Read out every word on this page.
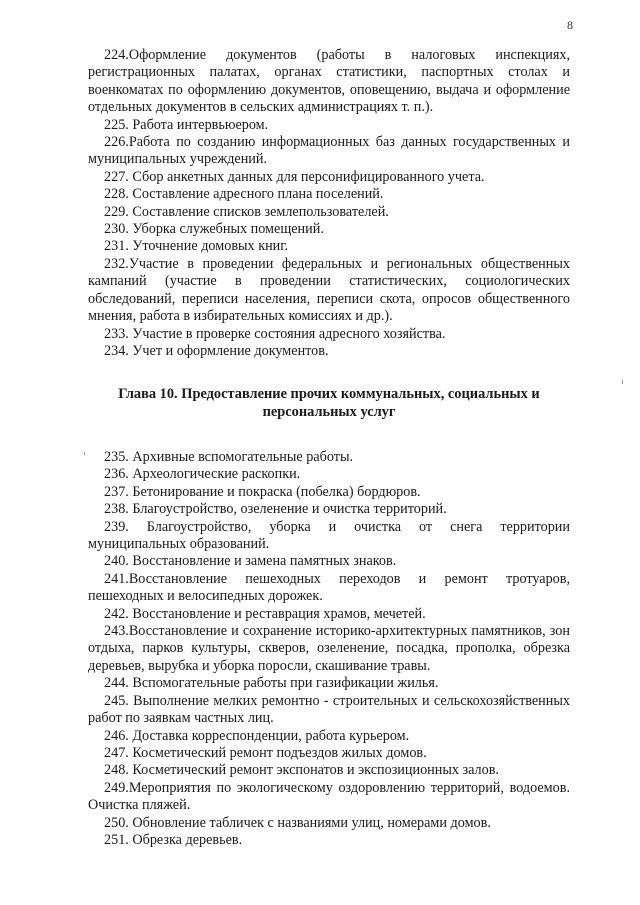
8

224.Оформление документов (работы в налоговых инспекциях, регистрационных палатах, органах статистики, паспортных столах и военкоматах по оформлению документов, оповещению, выдача и оформление отдельных документов в сельских администрациях т. п.).

225. Работа интервьюером.

226.Работа по созданию информационных баз данных государственных и муниципальных учреждений.

227. Сбор анкетных данных для персонифицированного учета.

228. Составление адресного плана поселений.

229. Составление списков землепользователей.

230. Уборка служебных помещений.

231. Уточнение домовых книг.

232.Участие в проведении федеральных и региональных общественных кампаний (участие в проведении статистических, социологических обследований, переписи населения, переписи скота, опросов общественного мнения, работа в избирательных комиссиях и др.).

233. Участие в проверке состояния адресного хозяйства.

234. Учет и оформление документов.

Глава 10. Предоставление прочих коммунальных, социальных и
персональных услуг

235. Архивные вспомогательные работы.

236. Археологические раскопки.

237. Бетонирование и покраска (побелка) бордюров.

238. Благоустройство, озеленение и очистка территорий.

239. Благоустройство, уборка и очистка от снега территории муниципальных образований.

240. Восстановление и замена памятных знаков.

241.Восстановление пешеходных переходов и ремонт тротуаров, пешеходных и велосипедных дорожек.

242. Восстановление и реставрация храмов, мечетей.

243.Восстановление и сохранение историко-архитектурных памятников, зон отдыха, парков культуры, скверов, озеленение, посадка, прополка, обрезка деревьев, вырубка и уборка поросли, скашивание травы.

244. Вспомогательные работы при газификации жилья.

245. Выполнение мелких ремонтно - строительных и сельскохозяйственных работ по заявкам частных лиц.

246. Доставка корреспонденции, работа курьером.

247. Косметический ремонт подъездов жилых домов.

248. Косметический ремонт экспонатов и экспозиционных залов.

249.Мероприятия по экологическому оздоровлению территорий, водоемов. Очистка пляжей.

250. Обновление табличек с названиями улиц, номерами домов.

251. Обрезка деревьев.
